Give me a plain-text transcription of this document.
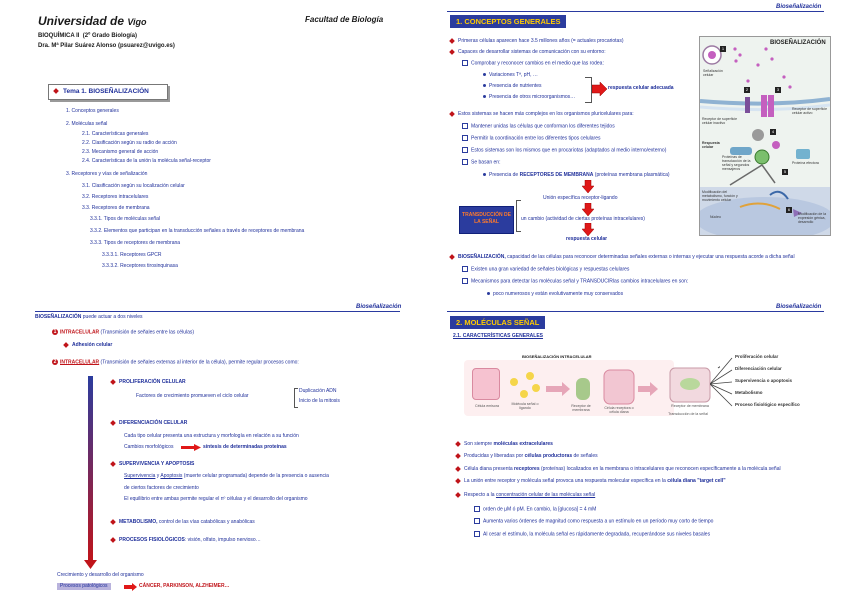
Universidad de Vigo	Facultad de Biología
BIOQUÍMICA II (2º Grado Biología)
Dra. Mª Pilar Suárez Alonso (psuarez@uvigo.es)
Tema 1. BIOSEÑALIZACIÓN
1. Conceptos generales
2. Moléculas señal
2.1. Características generales
2.2. Clasificación según su radio de acción
2.3. Mecanismo general de acción
2.4. Características de la unión la molécula señal-receptor
3. Receptores y vías de señalización
3.1. Clasificación según su localización celular
3.2. Receptores intracelulares
3.3. Receptores de membrana
3.3.1. Tipos de moléculas señal
3.3.2. Elementos que participan en la transducción señales a través de receptores de membrana
3.3.3. Tipos de receptores de membrana
3.3.3.1. Receptores GPCR
3.3.3.2. Receptores tirosinquinasa
Bioseñalización
1. CONCEPTOS GENERALES
Primeras células aparecen hace 3.5 millones años (= actuales procariotas)
Capaces de desarrollar sistemas de comunicación con su entorno:
Comprobar y reconocer cambios en el medio que las rodea:
Variaciones Tª, pH, …
Presencia de nutrientes
Presencia de otros microorganismos…
respuesta celular adecuada
Estos sistemas se hacen más complejos en los organismos pluricelulares para:
Mantener unidas las células que conforman los diferentes tejidos
Permitir la coordinación entre los diferentes tipos celulares
Estos sistemas son los mismos que en procariotas (adaptados al medio interno/externo)
Se basan en:
Presencia de RECEPTORES DE MEMBRANA (proteínas membrana plasmática)
Unión específica receptor-ligando
un cambio (actividad de ciertas proteínas intracelulares)
respuesta celular
TRANSDUCCIÓN DE LA SEÑAL
BIOSEÑALIZACIÓN, capacidad de las células para reconocer determinadas señales externas o internas y ejecutar una respuesta acorde a dicha señal
Existen una gran variedad de señales biológicas y respuestas celulares
Mecanismos para detectar las moléculas señal y TRANSDUCIRlas cambios intracelulares en son:
poco numerosos y están evolutivamente muy conservados
BIOSEÑALIZACIÓN
Señalización celular
Receptor de superficie celular inactivo
Receptor de superficie celular activo
Respuesta celular
Proteínas de transducción de la señal y segundos mensajeros
Proteína efectora
Modificación del metabolismo, función y movimiento celular
Núcleo
Modificación de la expresión génica, desarrollo
1
2	3
4
5
6
Bioseñalización
BIOSEÑALIZACIÓN puede actuar a dos niveles
1 INTRACELULAR (Transmisión de señales entre las células)
Adhesión celular
2 INTRACELULAR (Transmisión de señales externas al interior de la célula), permite regular procesos como:
PROLIFERACIÓN CELULAR
Factores de crecimiento promueven el ciclo celular
Duplicación ADN
Inicio de la mitosis
DIFERENCIACIÓN CELULAR
Cada tipo celular presenta una estructura y morfología en relación a su función
Cambios morfológicos	síntesis de determinadas proteínas
SUPERVIVENCIA Y APOPTOSIS
Supervivencia y Apoptosis (muerte celular programada) depende de la presencia o ausencia
de ciertos factores de crecimiento
El equilibrio entre ambas permite regular el nº células y el desarrollo del organismo
METABOLISMO, control de las vías catabólicas y anabólicas
PROCESOS FISIOLÓGICOS: visión, olfato, impulso nervioso…
Crecimiento y desarrollo del organismo
Procesos patológicos	CÁNCER, PARKINSON, ALZHEIMER…
Bioseñalización
2. MOLÉCULAS SEÑAL
2.1. CARACTERÍSTICAS GENERALES
BIOSEÑALIZACIÓN INTRACELULAR
Célula emisora	Molécula señal o ligando	Receptor de membrana	Célula receptora o célula diana
Receptor de membrana
Transducción de la señal
Proliferación celular
Diferenciación celular
Supervivencia o apoptosis
Metabolismo
Proceso fisiológico específico
Son siempre moléculas extracelulares
Producidas y liberadas por células productoras de señales
Célula diana presenta receptores (proteínas) localizados en la membrana o intracelulares que reconocen específicamente a la molécula señal
La unión entre receptor y molécula señal provoca una respuesta molecular específica en la célula diana "target cell"
Respecto a la concentración celular de las moléculas señal
orden de µM ó pM. En cambio, la [glucosa] = 4 mM
Aumenta varios órdenes de magnitud como respuesta a un estímulo en un período muy corto de tiempo
Al cesar el estímulo, la molécula señal es rápidamente degradada, recuperándose sus niveles basales
